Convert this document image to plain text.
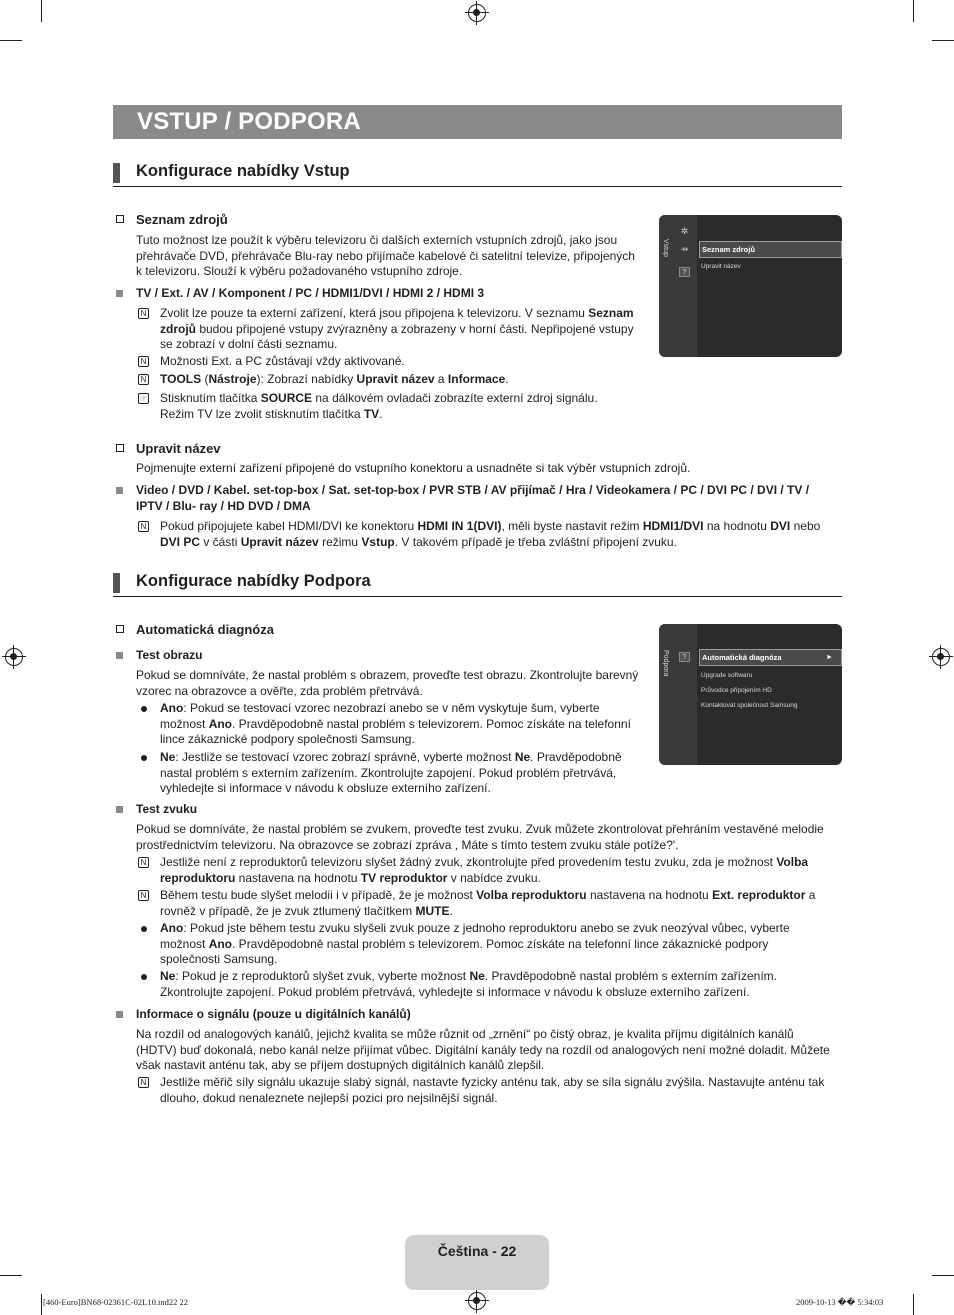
VSTUP / PODPORA
Konfigurace nabídky Vstup
Seznam zdrojů
Tuto možnost lze použít k výběru televizoru či dalších externích vstupních zdrojů, jako jsou
přehrávače DVD, přehrávače Blu-ray nebo přijímače kabelové či satelitní televize, připojených
k televizoru. Slouží k výběru požadovaného vstupního zdroje.
TV / Ext. / AV / Komponent / PC / HDMI1/DVI / HDMI 2 / HDMI 3
N Zvolit lze pouze ta externí zařízení, která jsou připojena k televizoru. V seznamu Seznam
zdrojů budou připojené vstupy zvýrazněny a zobrazeny v horní části. Nepřipojené vstupy
se zobrazí v dolní části seznamu.
N Možnosti Ext. a PC zůstávají vždy aktivované.
N TOOLS (Nástroje): Zobrazí nabídky Upravit název a Informace.
☞ Stisknutím tlačítka SOURCE na dálkovém ovladači zobrazíte externí zdroj signálu.
Režim TV lze zvolit stisknutím tlačítka TV.
Vstup
✲
⇸
?
Seznam zdrojů
Upravit název
Upravit název
Pojmenujte externí zařízení připojené do vstupního konektoru a usnadněte si tak výběr vstupních zdrojů.
Video / DVD / Kabel. set-top-box / Sat. set-top-box / PVR STB / AV přijímač / Hra / Videokamera / PC / DVI PC / DVI / TV /
IPTV / Blu- ray / HD DVD / DMA
N Pokud připojujete kabel HDMI/DVI ke konektoru HDMI IN 1(DVI), měli byste nastavit režim HDMI1/DVI na hodnotu DVI nebo
DVI PC v části Upravit název režimu Vstup. V takovém případě je třeba zvláštní připojení zvuku.
Konfigurace nabídky Podpora
Automatická diagnóza
Test obrazu
Pokud se domníváte, že nastal problém s obrazem, proveďte test obrazu. Zkontrolujte barevný
vzorec na obrazovce a ověřte, zda problém přetrvává.
Ano: Pokud se testovací vzorec nezobrazí anebo se v něm vyskytuje šum, vyberte
možnost Ano. Pravděpodobně nastal problém s televizorem. Pomoc získáte na telefonní
lince zákaznické podpory společnosti Samsung.
Ne: Jestliže se testovací vzorec zobrazí správně, vyberte možnost Ne. Pravděpodobně
nastal problém s externím zařízením. Zkontrolujte zapojení. Pokud problém přetrvává,
vyhledejte si informace v návodu k obsluze externího zařízení.
Podpora	?	Automatická diagnóza	►
Upgrade softwaru
Průvodce připojením HD
Kontaktovat společnost Samsung
Test zvuku
Pokud se domníváte, že nastal problém se zvukem, proveďte test zvuku. Zvuk můžete zkontrolovat přehráním vestavěné melodie
prostřednictvím televizoru. Na obrazovce se zobrazí zpráva , Máte s tímto testem zvuku stále potíže?'.
N Jestliže není z reproduktorů televizoru slyšet žádný zvuk, zkontrolujte před provedením testu zvuku, zda je možnost Volba
reproduktoru nastavena na hodnotu TV reproduktor v nabídce zvuku.
N Během testu bude slyšet melodii i v případě, že je možnost Volba reproduktoru nastavena na hodnotu Ext. reproduktor a
rovněž v případě, že je zvuk ztlumený tlačítkem MUTE.
Ano: Pokud jste během testu zvuku slyšeli zvuk pouze z jednoho reproduktoru anebo se zvuk neozýval vůbec, vyberte
možnost Ano. Pravděpodobně nastal problém s televizorem. Pomoc získáte na telefonní lince zákaznické podpory
společnosti Samsung.
Ne: Pokud je z reproduktorů slyšet zvuk, vyberte možnost Ne. Pravděpodobně nastal problém s externím zařízením.
Zkontrolujte zapojení. Pokud problém přetrvává, vyhledejte si informace v návodu k obsluze externího zařízení.
Informace o signálu (pouze u digitálních kanálů)
Na rozdíl od analogových kanálů, jejichž kvalita se může různit od „zrnění“ po čistý obraz, je kvalita příjmu digitálních kanálů
(HDTV) buď dokonalá, nebo kanál nelze přijímat vůbec. Digitální kanály tedy na rozdíl od analogových není možné doladit. Můžete
však nastavit anténu tak, aby se příjem dostupných digitálních kanálů zlepšil.
N Jestliže měřič síly signálu ukazuje slabý signál, nastavte fyzicky anténu tak, aby se síla signálu zvýšila. Nastavujte anténu tak
dlouho, dokud nenaleznete nejlepší pozici pro nejsilnější signál.
Čeština - 22
[460-Euro]BN68-02361C-02L10.ind22 22	2009-10-13 �� 5:34:03
